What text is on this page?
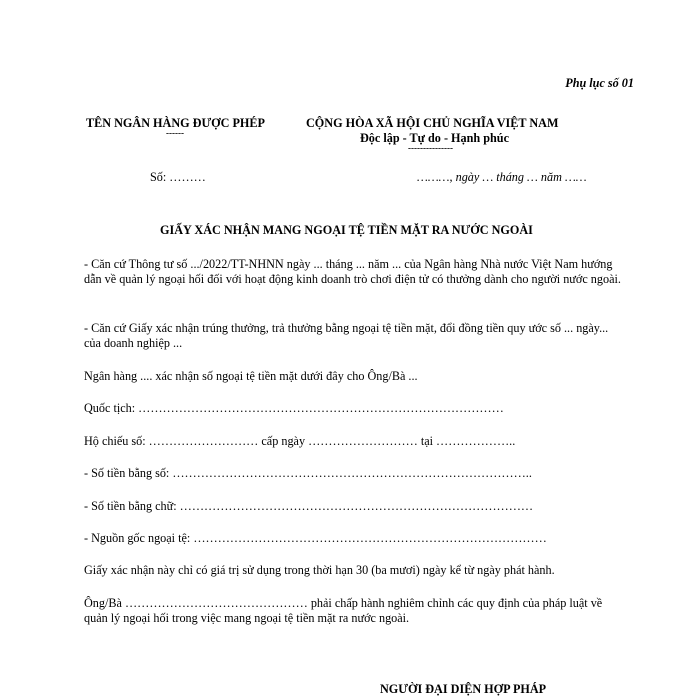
Phụ lục số 01
TÊN NGÂN HÀNG ĐƯỢC PHÉP
------
CỘNG HÒA XÃ HỘI CHỦ NGHĨA VIỆT NAM
Độc lập - Tự do - Hạnh phúc
---------------
Số: ………	………, ngày … tháng … năm ……
GIẤY XÁC NHẬN MANG NGOẠI TỆ TIỀN MẶT RA NƯỚC NGOÀI
- Căn cứ Thông tư số .../2022/TT-NHNN ngày ... tháng ... năm ... của Ngân hàng Nhà nước Việt Nam hướng dẫn về quản lý ngoại hối đối với hoạt động kinh doanh trò chơi điện tử có thưởng dành cho người nước ngoài.
- Căn cứ Giấy xác nhận trúng thưởng, trả thưởng bằng ngoại tệ tiền mặt, đổi đồng tiền quy ước số ... ngày... của doanh nghiệp ...
Ngân hàng .... xác nhận số ngoại tệ tiền mặt dưới đây cho Ông/Bà ...
Quốc tịch: ………………………………………………………………………………
Hộ chiếu số: ……………………… cấp ngày ……………………… tại ………………..
- Số tiền bằng số: ……………………………………………………………………………..
- Số tiền bằng chữ: ……………………………………………………………………………
- Nguồn gốc ngoại tệ: ……………………………………………………………………………
Giấy xác nhận này chỉ có giá trị sử dụng trong thời hạn 30 (ba mươi) ngày kể từ ngày phát hành.
Ông/Bà ……………………………………… phải chấp hành nghiêm chỉnh các quy định của pháp luật về quản lý ngoại hối trong việc mang ngoại tệ tiền mặt ra nước ngoài.
NGƯỜI ĐẠI DIỆN HỢP PHÁP
